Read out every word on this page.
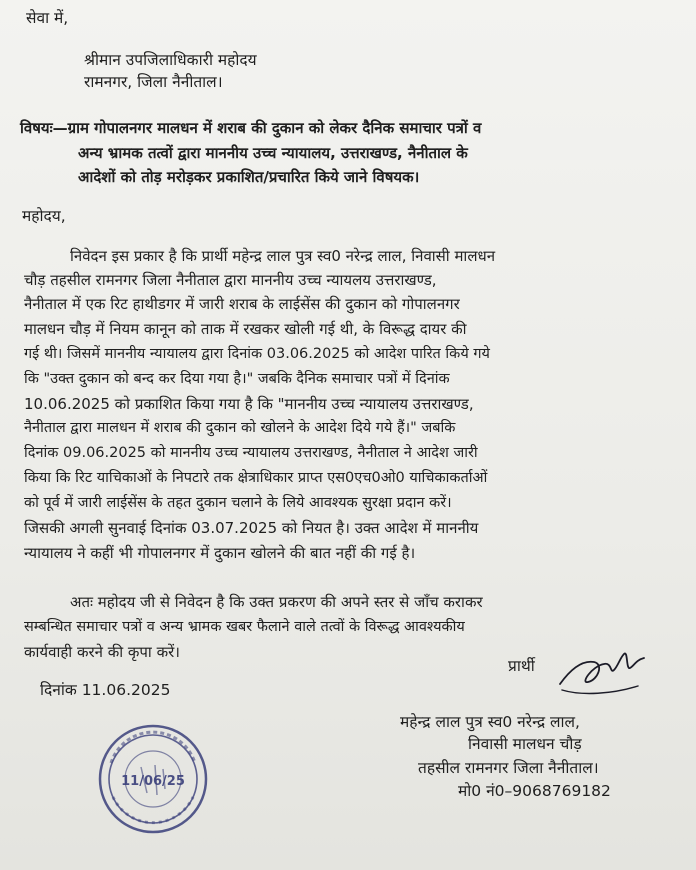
सेवा में,
श्रीमान उपजिलाधिकारी महोदय
रामनगर, जिला नैनीताल।
विषयः—ग्राम गोपालनगर मालधन में शराब की दुकान को लेकर दैनिक समाचार पत्रों व
अन्य भ्रामक तत्वों द्वारा माननीय उच्च न्यायालय, उत्तराखण्ड, नैनीताल के
आदेशों को तोड़ मरोड़कर प्रकाशित/प्रचारित किये जाने विषयक।
महोदय,
निवेदन इस प्रकार है कि प्रार्थी महेन्द्र लाल पुत्र स्व0 नरेन्द्र लाल, निवासी मालधन
चौड़ तहसील रामनगर जिला नैनीताल द्वारा माननीय उच्च न्यायलय उत्तराखण्ड,
नैनीताल में एक रिट हाथीडगर में जारी शराब के लाईसेंस की दुकान को गोपालनगर
मालधन चौड़ में नियम कानून को ताक में रखकर खोली गई थी, के विरूद्ध दायर की
गई थी। जिसमें माननीय न्यायालय द्वारा दिनांक 03.06.2025 को आदेश पारित किये गये
कि "उक्त दुकान को बन्द कर दिया गया है।" जबकि दैनिक समाचार पत्रों में दिनांक
10.06.2025 को प्रकाशित किया गया है कि "माननीय उच्च न्यायालय उत्तराखण्ड,
नैनीताल द्वारा मालधन में शराब की दुकान को खोलने के आदेश दिये गये हैं।" जबकि
दिनांक 09.06.2025 को माननीय उच्च न्यायालय उत्तराखण्ड, नैनीताल ने आदेश जारी
किया कि रिट याचिकाओं के निपटारे तक क्षेत्राधिकार प्राप्त एस0एच0ओ0 याचिकाकर्ताओं
को पूर्व में जारी लाईसेंस के तहत दुकान चलाने के लिये आवश्यक सुरक्षा प्रदान करें।
जिसकी अगली सुनवाई दिनांक 03.07.2025 को नियत है। उक्त आदेश में माननीय
न्यायालय ने कहीं भी गोपालनगर में दुकान खोलने की बात नहीं की गई है।
अतः महोदय जी से निवेदन है कि उक्त प्रकरण की अपने स्तर से जाँच कराकर
सम्बन्धित समाचार पत्रों व अन्य भ्रामक खबर फैलाने वाले तत्वों के विरूद्ध आवश्यकीय
कार्यवाही करने की कृपा करें।
प्रार्थी
दिनांक 11.06.2025
महेन्द्र लाल पुत्र स्व0 नरेन्द्र लाल,
निवासी मालधन चौड़
तहसील रामनगर जिला नैनीताल।
मो0 नं0–9068769182
11/06/25
